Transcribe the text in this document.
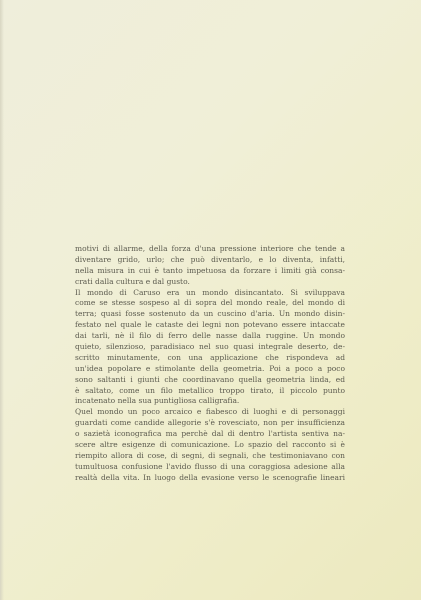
motivi di allarme, della forza d'una pressione interiore che tende a
diventare grido, urlo; che può diventarlo, e lo diventa, infatti,
nella misura in cui è tanto impetuosa da forzare i limiti già consa-
crati dalla cultura e dal gusto.
Il mondo di Caruso era un mondo disincantato. Si sviluppava
come se stesse sospeso al di sopra del mondo reale, del mondo di
terra; quasi fosse sostenuto da un cuscino d'aria. Un mondo disin-
festato nel quale le cataste dei legni non potevano essere intaccate
dai tarli, nè il filo di ferro delle nasse dalla ruggine. Un mondo
quieto, silenzioso, paradisiaco nel suo quasi integrale deserto, de-
scritto minutamente, con una applicazione che rispondeva ad
un'idea popolare e stimolante della geometria. Poi a poco a poco
sono saltanti i giunti che coordinavano quella geometria linda, ed
è saltato, come un filo metallico troppo tirato, il piccolo punto
incatenato nella sua puntigliosa calligrafia.
Quel mondo un poco arcaico e fiabesco di luoghi e di personaggi
guardati come candide allegorie s'è rovesciato, non per insufficienza
o sazietà iconografica ma perchè dal di dentro l'artista sentiva na-
scere altre esigenze di comunicazione. Lo spazio del racconto si è
riempito allora di cose, di segni, di segnali, che testimoniavano con
tumultuosa confusione l'avido flusso di una coraggiosa adesione alla
realtà della vita. In luogo della evasione verso le scenografie lineari
